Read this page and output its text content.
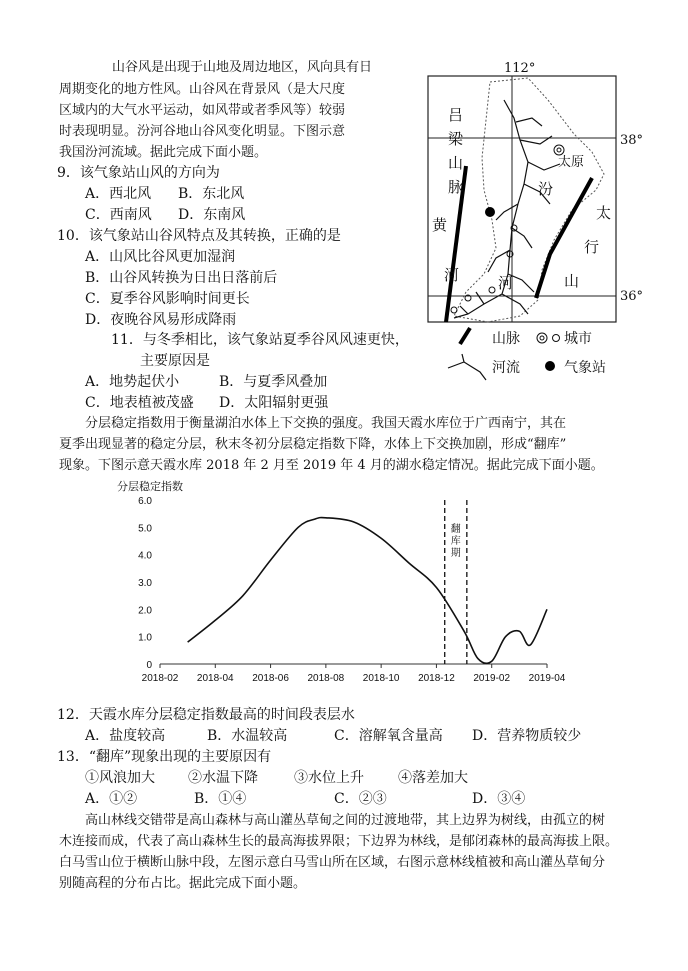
山谷风是出现于山地及周边地区，风向具有日
周期变化的地方性风。山谷风在背景风（是大尺度
区域内的大气水平运动，如风带或者季风等）较弱
时表现明显。汾河谷地山谷风变化明显。下图示意
我国汾河流域。据此完成下面小题。
9．该气象站山风的方向为
A．西北风 B．东北风
C．西南风 D．东南风
10．该气象站山谷风特点及其转换，正确的是
A．山风比谷风更加湿润
B．山谷风转换为日出日落前后
C．夏季谷风影响时间更长
D．夜晚谷风易形成降雨
11．与冬季相比，该气象站夏季谷风风速更快，
主要原因是
A．地势起伏小	B．与夏季风叠加
C．地表植被茂盛 D．太阳辐射更强
112°
38°
36°
吕
梁
山
脉
太
行
山
黄
河
汾
河
太原
山脉	城市
河流	气象站
分层稳定指数用于衡量湖泊水体上下交换的强度。我国天霞水库位于广西南宁，其在
夏季出现显著的稳定分层，秋末冬初分层稳定指数下降，水体上下交换加剧，形成“翻库”
现象。下图示意天霞水库 2018 年 2 月至 2019 年 4 月的湖水稳定情况。据此完成下面小题。
分层稳定指数
0
1.0
2.0
3.0
4.0
5.0
6.0
2018-02 2018-04 2018-06 2018-08 2018-10 2018-12 2019-02 2019-04
翻
库
期
12．天霞水库分层稳定指数最高的时间段表层水
A．盐度较高	B．水温较高	C．溶解氧含量高 D．营养物质较少
13．“翻库”现象出现的主要原因有
①风浪加大 ②水温下降	③水位上升 ④落差加大
A．①②	B．①④	C．②③	D．③④
高山林线交错带是高山森林与高山灌丛草甸之间的过渡地带，其上边界为树线，由孤立的树
木连接而成，代表了高山森林生长的最高海拔界限；下边界为林线，是郁闭森林的最高海拔上限。
白马雪山位于横断山脉中段，左图示意白马雪山所在区域，右图示意林线植被和高山灌丛草甸分
别随高程的分布占比。据此完成下面小题。
